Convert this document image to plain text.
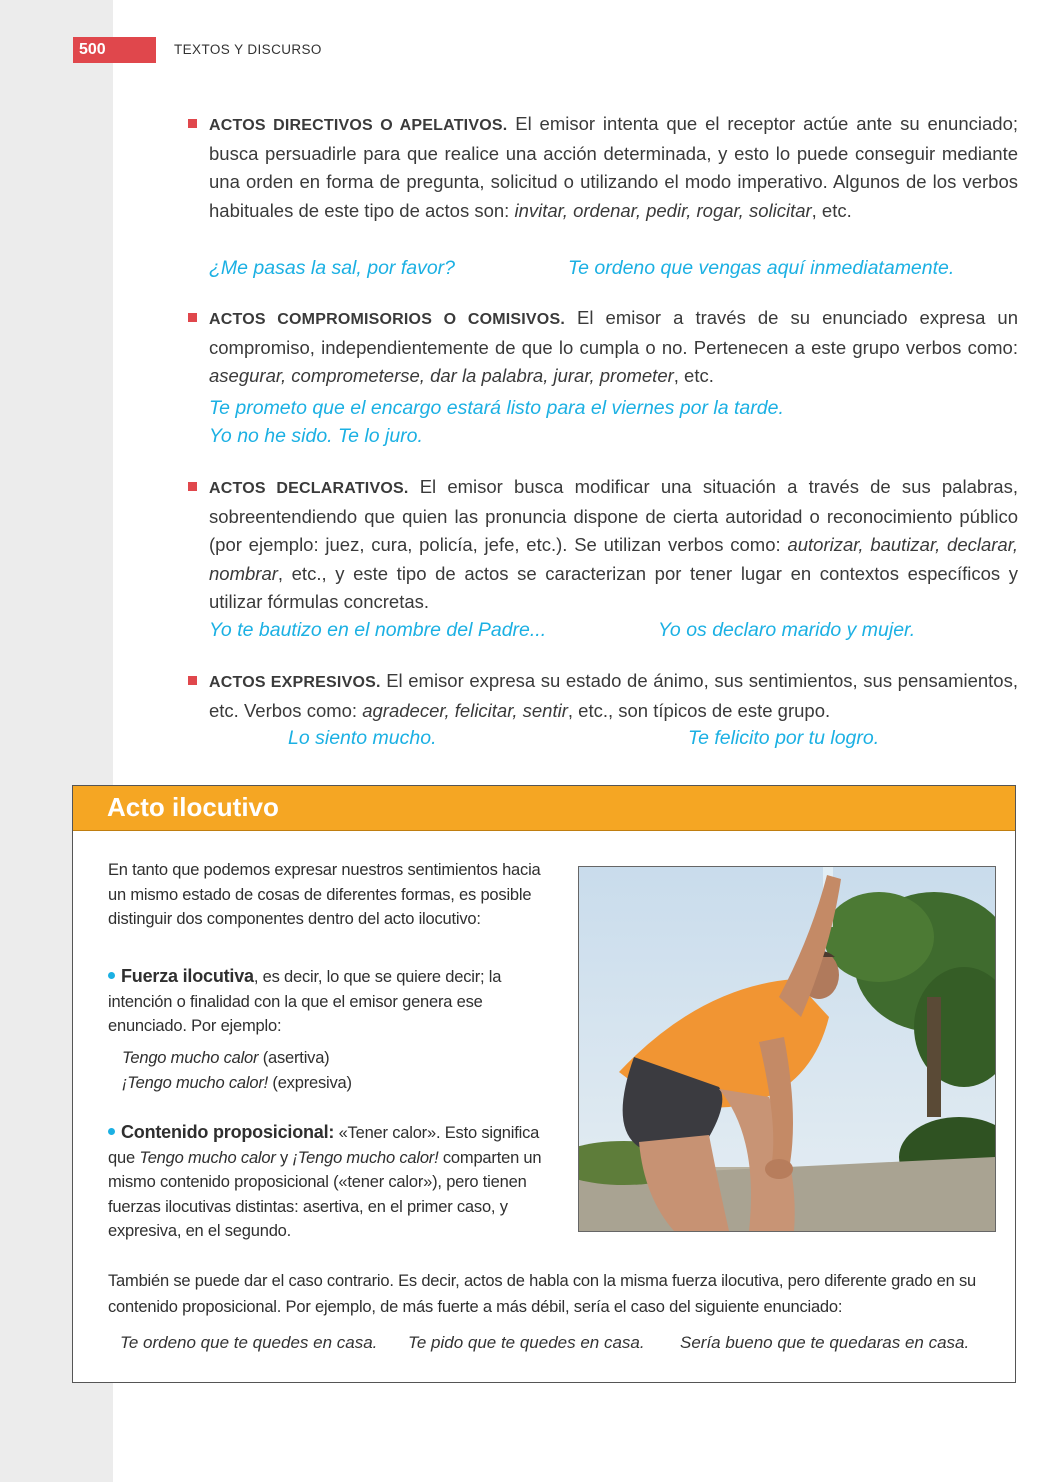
500	TEXTOS Y DISCURSO

ACTOS DIRECTIVOS O APELATIVOS. El emisor intenta que el receptor actúe ante su enunciado; busca persuadirle para que realice una acción determinada, y esto lo puede conseguir mediante una orden en forma de pregunta, solicitud o utilizando el modo imperativo. Algunos de los verbos habituales de este tipo de actos son: invitar, ordenar, pedir, rogar, solicitar, etc.

¿Me pasas la sal, por favor?	Te ordeno que vengas aquí inmediatamente.

ACTOS COMPROMISORIOS O COMISIVOS. El emisor a través de su enunciado expresa un compromiso, independientemente de que lo cumpla o no. Pertenecen a este grupo verbos como: asegurar, comprometerse, dar la palabra, jurar, prometer, etc.

Te prometo que el encargo estará listo para el viernes por la tarde.
Yo no he sido. Te lo juro.

ACTOS DECLARATIVOS. El emisor busca modificar una situación a través de sus palabras, sobreentendiendo que quien las pronuncia dispone de cierta autoridad o reconocimiento público (por ejemplo: juez, cura, policía, jefe, etc.). Se utilizan verbos como: autorizar, bautizar, declarar, nombrar, etc., y este tipo de actos se caracterizan por tener lugar en contextos específicos y utilizar fórmulas concretas.

Yo te bautizo en el nombre del Padre...	Yo os declaro marido y mujer.

ACTOS EXPRESIVOS. El emisor expresa su estado de ánimo, sus sentimientos, sus pensamientos, etc. Verbos como: agradecer, felicitar, sentir, etc., son típicos de este grupo.

Lo siento mucho.	Te felicito por tu logro.
Acto ilocutivo
En tanto que podemos expresar nuestros sentimientos hacia un mismo estado de cosas de diferentes formas, es posible distinguir dos componentes dentro del acto ilocutivo:
Fuerza ilocutiva, es decir, lo que se quiere decir; la intención o finalidad con la que el emisor genera ese enunciado. Por ejemplo:
Tengo mucho calor (asertiva)
¡Tengo mucho calor! (expresiva)
Contenido proposicional: «Tener calor». Esto significa que Tengo mucho calor y ¡Tengo mucho calor! comparten un mismo contenido proposicional («tener calor»), pero tienen fuerzas ilocutivas distintas: asertiva, en el primer caso, y expresiva, en el segundo.
También se puede dar el caso contrario. Es decir, actos de habla con la misma fuerza ilocutiva, pero diferente grado en su contenido proposicional. Por ejemplo, de más fuerte a más débil, sería el caso del siguiente enunciado:
Te ordeno que te quedes en casa. Te pido que te quedes en casa. Sería bueno que te quedaras en casa.
